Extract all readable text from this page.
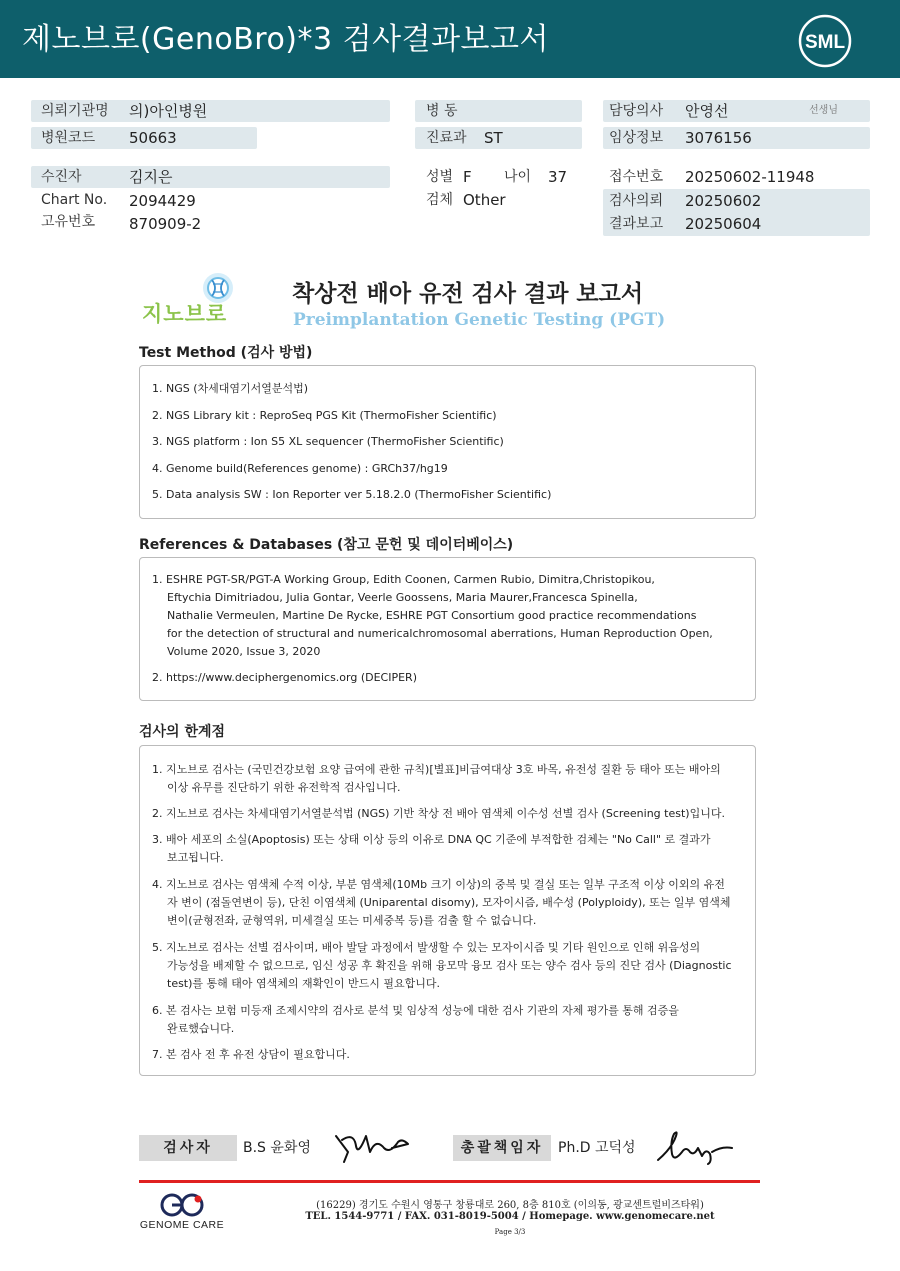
제노브로(GenoBro)*3 검사결과보고서	SML
의뢰기관명 의)아인병원	병 동	담당의사 안영선	선생님
병원코드 50663	진료과 ST	임상정보 3076156
수진자	김지은	성별 F 나이 37	접수번호 20250602-11948
Chart No. 2094429	검체 Other	검사의뢰 20250602
고유번호 870909-2	결과보고 20250604
지노브로
착상전 배아 유전 검사 결과 보고서
Preimplantation Genetic Testing (PGT)
Test Method (검사 방법)
1. NGS (차세대염기서열분석법)
2. NGS Library kit : ReproSeq PGS Kit (ThermoFisher Scientific)
3. NGS platform : Ion S5 XL sequencer (ThermoFisher Scientific)
4. Genome build(References genome) : GRCh37/hg19
5. Data analysis SW : Ion Reporter ver 5.18.2.0 (ThermoFisher Scientific)
References & Databases (참고 문헌 및 데이터베이스)
1. ESHRE PGT-SR/PGT-A Working Group, Edith Coonen, Carmen Rubio, Dimitra,Christopikou,
Eftychia Dimitriadou, Julia Gontar, Veerle Goossens, Maria Maurer,Francesca Spinella,
Nathalie Vermeulen, Martine De Rycke, ESHRE PGT Consortium good practice recommendations
for the detection of structural and numericalchromosomal aberrations, Human Reproduction Open,
Volume 2020, Issue 3, 2020
2. https://www.deciphergenomics.org (DECIPER)
검사의 한계점
1. 지노브로 검사는 (국민건강보험 요양 급여에 관한 규칙)[별표]비급여대상 3호 바목, 유전성 질환 등 태아 또는 배아의
이상 유무를 진단하기 위한 유전학적 검사입니다.
2. 지노브로 검사는 차세대염기서열분석법 (NGS) 기반 착상 전 배아 염색체 이수성 선별 검사 (Screening test)입니다.
3. 배아 세포의 소실(Apoptosis) 또는 상태 이상 등의 이유로 DNA QC 기준에 부적합한 검체는 "No Call" 로 결과가
보고됩니다.
4. 지노브로 검사는 염색체 수적 이상, 부분 염색체(10Mb 크기 이상)의 중복 및 결실 또는 일부 구조적 이상 이외의 유전
자 변이 (점돌연변이 등), 단친 이염색체 (Uniparental disomy), 모자이시즘, 배수성 (Polyploidy), 또는 일부 염색체
변이(균형전좌, 균형역위, 미세결실 또는 미세중복 등)를 검출 할 수 없습니다.
5. 지노브로 검사는 선별 검사이며, 배아 발달 과정에서 발생할 수 있는 모자이시즘 및 기타 원인으로 인해 위음성의
가능성을 배제할 수 없으므로, 임신 성공 후 확진을 위해 융모막 융모 검사 또는 양수 검사 등의 진단 검사 (Diagnostic
test)를 통해 태아 염색체의 재확인이 반드시 필요합니다.
6. 본 검사는 보험 미등재 조제시약의 검사로 분석 및 임상적 성능에 대한 검사 기관의 자체 평가를 통해 검증을
완료했습니다.
7. 본 검사 전 후 유전 상담이 필요합니다.
검사자	B.S 윤화영	총괄책임자	Ph.D 고덕성
GENOME CARE
(16229) 경기도 수원시 영통구 창룡대로 260, 8층 810호 (이의동, 광교센트럴비즈타워)
TEL. 1544-9771 / FAX. 031-8019-5004 / Homepage. www.genomecare.net
Page 3/3
